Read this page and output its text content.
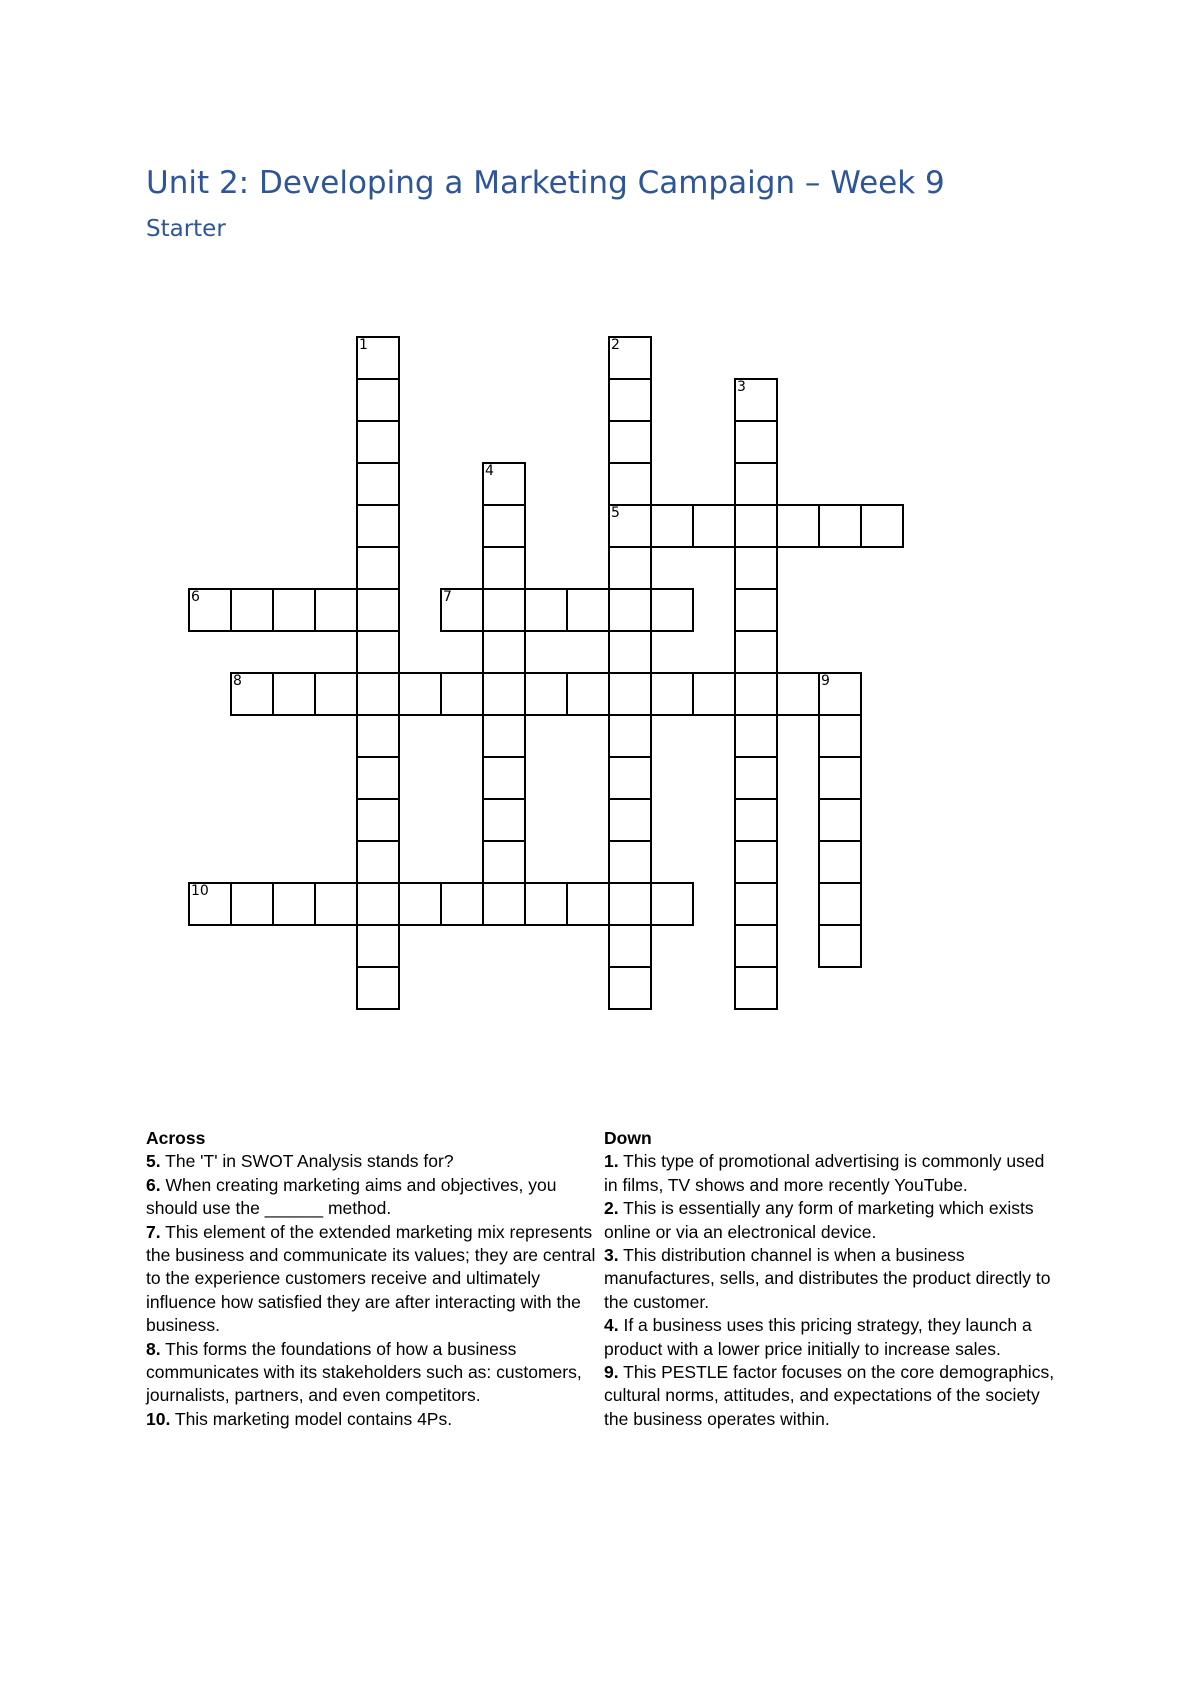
Unit 2: Developing a Marketing Campaign – Week 9
Starter
1	2
5
3
4
6	7
8	9
10
Across
5. The 'T' in SWOT Analysis stands for?
6. When creating marketing aims and objectives, you should use the ______ method.
7. This element of the extended marketing mix represents the business and communicate its values; they are central to the experience customers receive and ultimately influence how satisfied they are after interacting with the business.
8. This forms the foundations of how a business communicates with its stakeholders such as: customers, journalists, partners, and even competitors.
10. This marketing model contains 4Ps.
Down
1. This type of promotional advertising is commonly used in films, TV shows and more recently YouTube.
2. This is essentially any form of marketing which exists online or via an electronical device.
3. This distribution channel is when a business manufactures, sells, and distributes the product directly to the customer.
4. If a business uses this pricing strategy, they launch a product with a lower price initially to increase sales.
9. This PESTLE factor focuses on the core demographics, cultural norms, attitudes, and expectations of the society the business operates within.
